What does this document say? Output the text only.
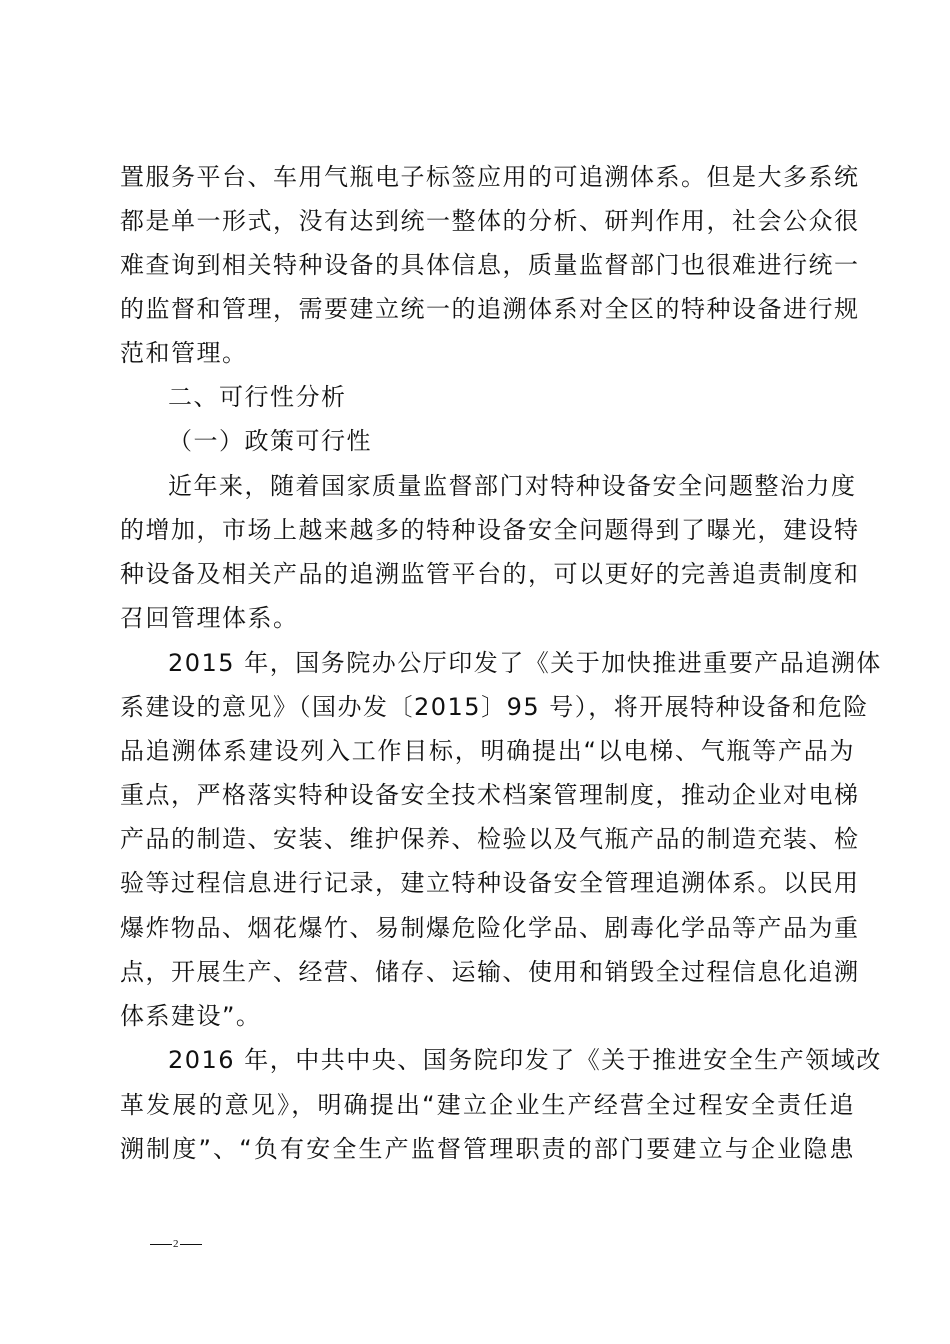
置服务平台、车用气瓶电子标签应用的可追溯体系。但是大多系统
都是单一形式，没有达到统一整体的分析、研判作用，社会公众很
难查询到相关特种设备的具体信息，质量监督部门也很难进行统一
的监督和管理，需要建立统一的追溯体系对全区的特种设备进行规
范和管理。
二、可行性分析
（一）政策可行性
近年来，随着国家质量监督部门对特种设备安全问题整治力度
的增加，市场上越来越多的特种设备安全问题得到了曝光，建设特
种设备及相关产品的追溯监管平台的，可以更好的完善追责制度和
召回管理体系。
2015 年，国务院办公厅印发了《关于加快推进重要产品追溯体
系建设的意见》（国办发〔2015〕95 号），将开展特种设备和危险
品追溯体系建设列入工作目标，明确提出“以电梯、气瓶等产品为
重点，严格落实特种设备安全技术档案管理制度，推动企业对电梯
产品的制造、安装、维护保养、检验以及气瓶产品的制造充装、检
验等过程信息进行记录，建立特种设备安全管理追溯体系。以民用
爆炸物品、烟花爆竹、易制爆危险化学品、剧毒化学品等产品为重
点，开展生产、经营、储存、运输、使用和销毁全过程信息化追溯
体系建设”。
2016 年，中共中央、国务院印发了《关于推进安全生产领域改
革发展的意见》，明确提出“建立企业生产经营全过程安全责任追
溯制度”、“负有安全生产监督管理职责的部门要建立与企业隐患
2
